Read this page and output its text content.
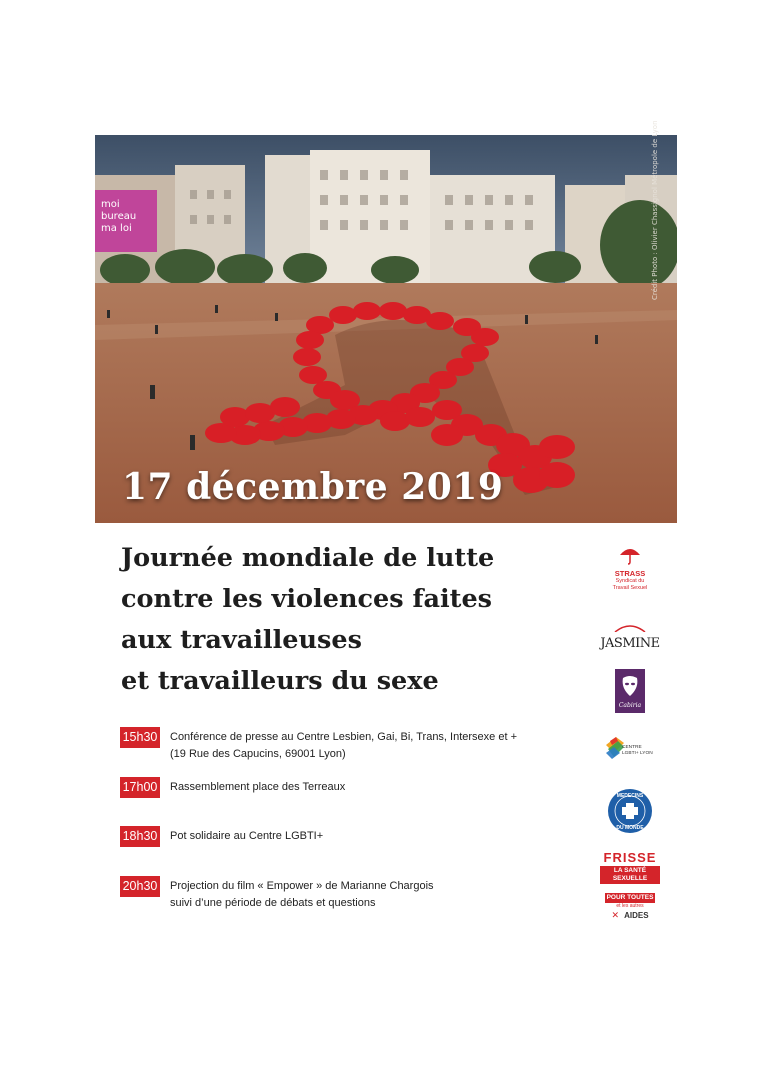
moi
bureau
ma loi
17 décembre 2019
Crédit Photo : Olivier Chassignol Métropole de Lyon
Journée mondiale de lutte
contre les violences faites
aux travailleuses
et travailleurs du sexe
15h30 Conférence de presse au Centre Lesbien, Gai, Bi, Trans, Intersexe et +
(19 Rue des Capucins, 69001 Lyon)
17h00 Rassemblement place des Terreaux
18h30 Pot solidaire au Centre LGBTI+
20h30 Projection du film « Empower » de Marianne Chargois
suivi d’une période de débats et questions
STRASS
Syndicat du
Travail Sexuel
JASMINE
Cabiria
CENTRE
LGBTI+ LYON
MEDECINS
DU MONDE
FRISSE
LA SANTÉ SEXUELLE POUR TOUTES
et les autres
✕ AIDES
